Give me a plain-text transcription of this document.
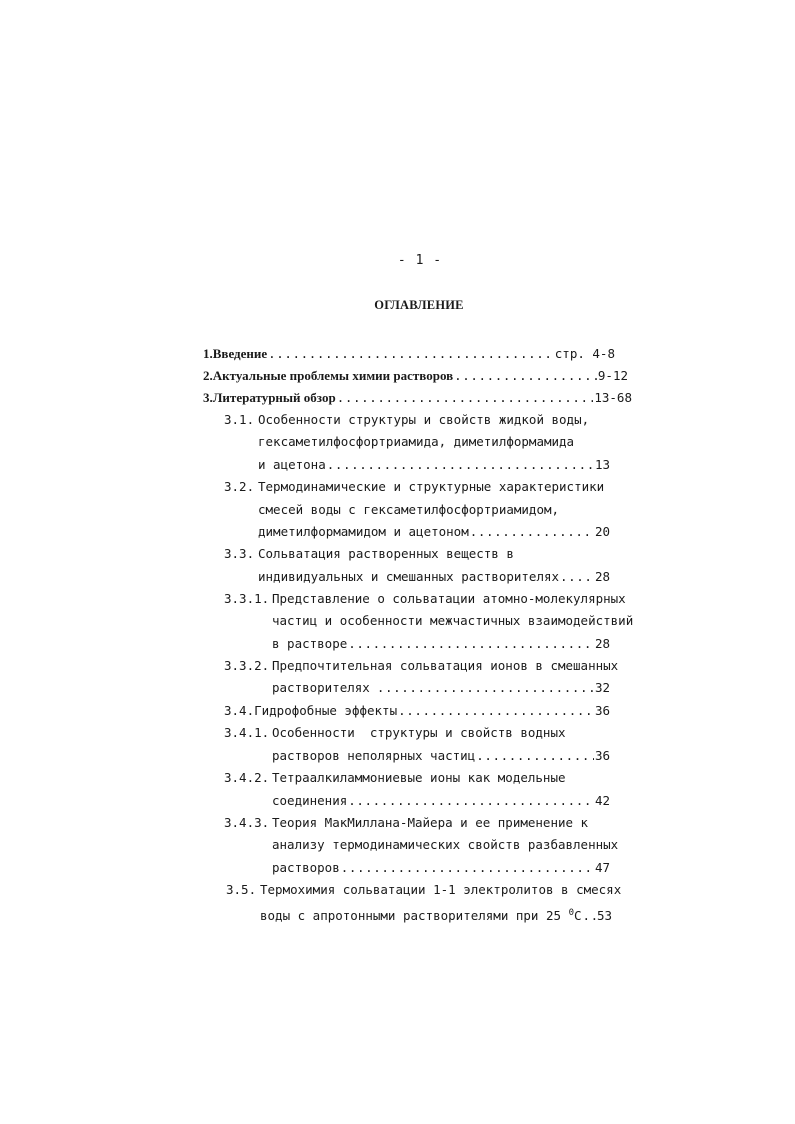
- 1 -
ОГЛАВЛЕНИЕ
1. Введение .....	стр. 4-8
2. Актуальные проблемы химии растворов .....	9-12
3. Литературный обзор .....	13-68
3.1. Особенности структуры и свойств жидкой воды,
гексаметилфосфортриамида, диметилформамида
и ацетона .....	13
3.2. Термодинамические и структурные характеристики
смесей воды с гексаметилфосфортриамидом,
диметилформамидом и ацетоном .....	20
3.3. Сольватация растворенных веществ в
индивидуальных и смешанных растворителях .....	28
3.3.1. Представление о сольватации атомно-молекулярных
частиц и особенности межчастичных взаимодействий
в растворе .....	28
3.3.2. Предпочтительная сольватация ионов в смешанных
растворителях .....	32
3.4. Гидрофобные эффекты .....	36
3.4.1. Особенности  структуры и свойств водных
растворов неполярных частиц .....	36
3.4.2. Тетраалкиламмониевые ионы как модельные
соединения .....	42
3.4.3. Теория МакМиллана-Майера и ее применение к
анализу термодинамических свойств разбавленных
растворов .....	47
3.5. Термохимия сольватации 1-1 электролитов в смесях
воды с апротонными растворителями при 25 $^0$С ..... 53
